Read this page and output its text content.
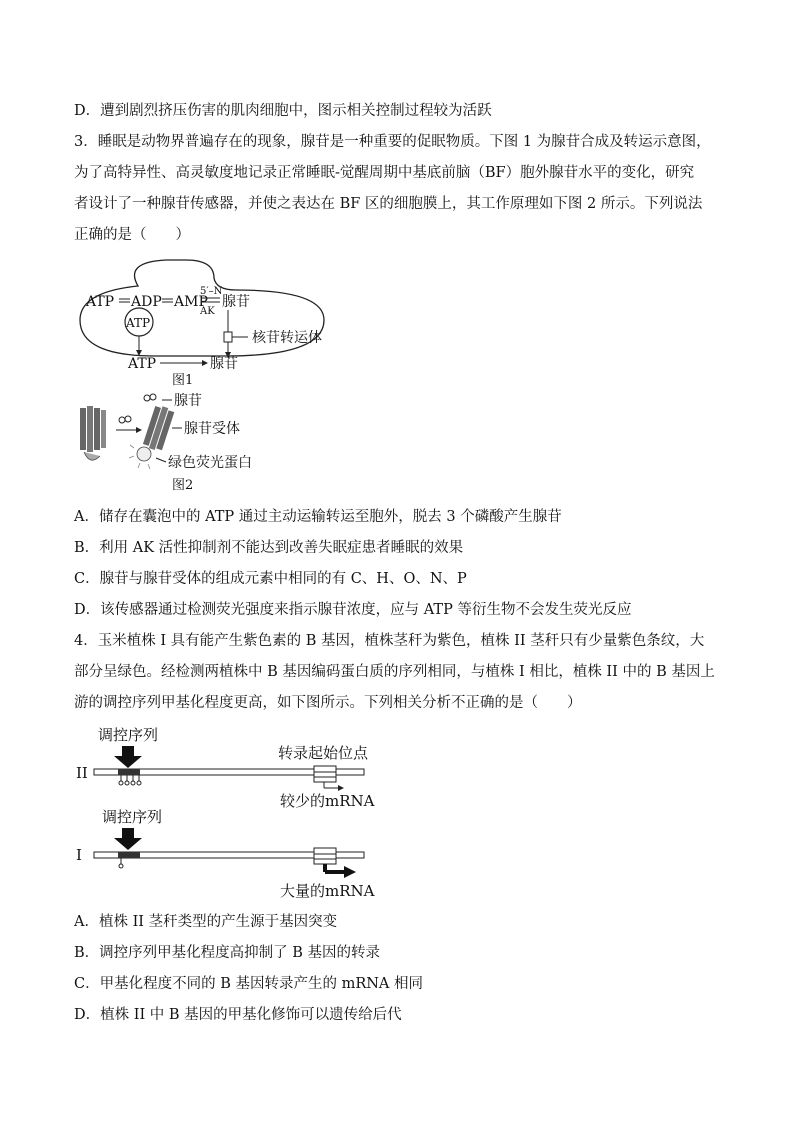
D．遭到剧烈挤压伤害的肌肉细胞中，图示相关控制过程较为活跃
3．睡眠是动物界普遍存在的现象，腺苷是一种重要的促眠物质。下图 1 为腺苷合成及转运示意图，
为了高特异性、高灵敏度地记录正常睡眠-觉醒周期中基底前脑（BF）胞外腺苷水平的变化，研究
者设计了一种腺苷传感器，并使之表达在 BF 区的细胞膜上，其工作原理如下图 2 所示。下列说法
正确的是（　　）
ATP ADP AMP
5′–N
AK
腺苷
ATP
核苷转运体
ATP	腺苷
图1
腺苷
腺苷受体
绿色荧光蛋白
图2
A．储存在囊泡中的 ATP 通过主动运输转运至胞外，脱去 3 个磷酸产生腺苷
B．利用 AK 活性抑制剂不能达到改善失眠症患者睡眠的效果
C．腺苷与腺苷受体的组成元素中相同的有 C、H、O、N、P
D．该传感器通过检测荧光强度来指示腺苷浓度，应与 ATP 等衍生物不会发生荧光反应
4．玉米植株 I 具有能产生紫色素的 B 基因，植株茎秆为紫色，植株 II 茎秆只有少量紫色条纹，大
部分呈绿色。经检测两植株中 B 基因编码蛋白质的序列相同，与植株 I 相比，植株 II 中的 B 基因上
游的调控序列甲基化程度更高，如下图所示。下列相关分析不正确的是（　　）
调控序列
转录起始位点
II
较少的mRNA
调控序列
I
大量的mRNA
A．植株 II 茎秆类型的产生源于基因突变
B．调控序列甲基化程度高抑制了 B 基因的转录
C．甲基化程度不同的 B 基因转录产生的 mRNA 相同
D．植株 II 中 B 基因的甲基化修饰可以遗传给后代
